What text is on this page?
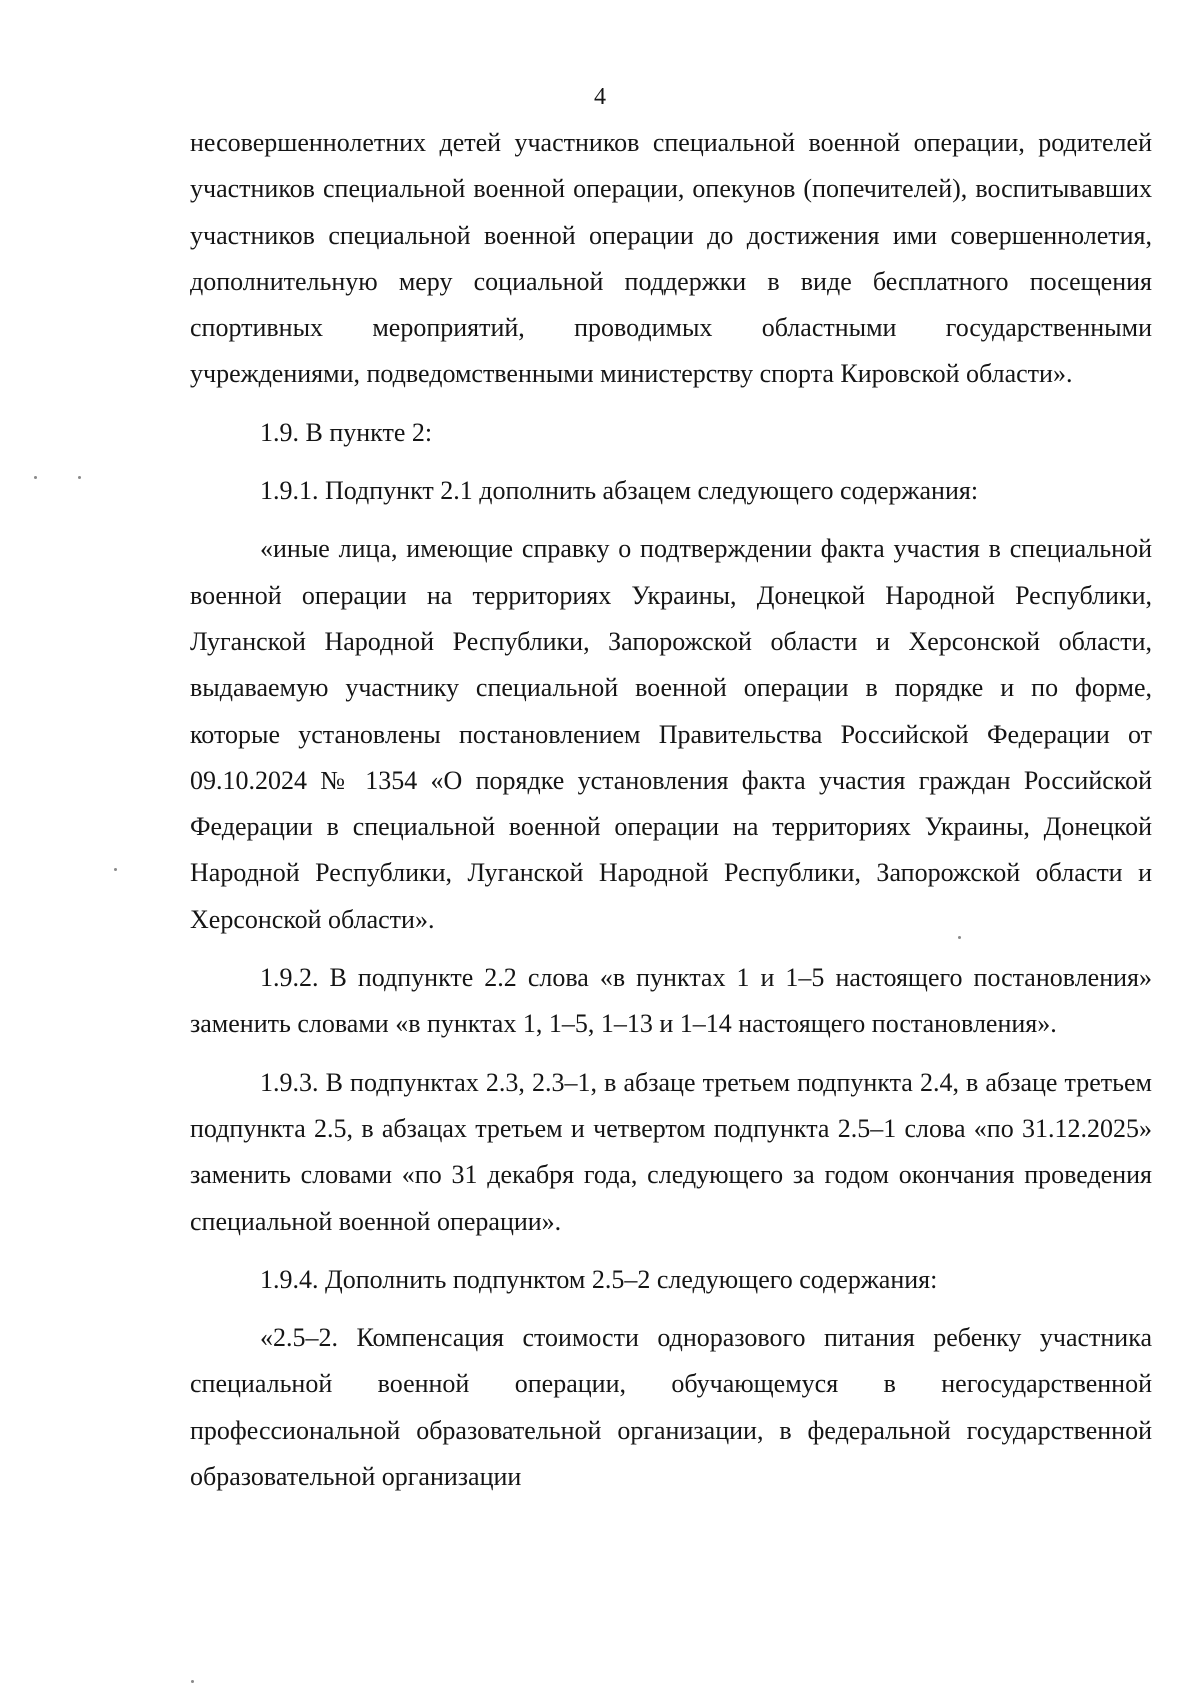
4

несовершеннолетних детей участников специальной военной операции, родителей участников специальной военной операции, опекунов (попечителей), воспитывавших участников специальной военной операции до достижения ими совершеннолетия, дополнительную меру социальной поддержки в виде бесплатного посещения спортивных мероприятий, проводимых областными государственными учреждениями, подведомственными министерству спорта Кировской области».

1.9. В пункте 2:

1.9.1. Подпункт 2.1 дополнить абзацем следующего содержания:

«иные лица, имеющие справку о подтверждении факта участия в специальной военной операции на территориях Украины, Донецкой Народной Республики, Луганской Народной Республики, Запорожской области и Херсонской области, выдаваемую участнику специальной военной операции в порядке и по форме, которые установлены постановлением Правительства Российской Федерации от 09.10.2024 № 1354 «О порядке установления факта участия граждан Российской Федерации в специальной военной операции на территориях Украины, Донецкой Народной Республики, Луганской Народной Республики, Запорожской области и Херсонской области».

1.9.2. В подпункте 2.2 слова «в пунктах 1 и 1–5 настоящего постановления» заменить словами «в пунктах 1, 1–5, 1–13 и 1–14 настоящего постановления».

1.9.3. В подпунктах 2.3, 2.3–1, в абзаце третьем подпункта 2.4, в абзаце третьем подпункта 2.5, в абзацах третьем и четвертом подпункта 2.5–1 слова «по 31.12.2025» заменить словами «по 31 декабря года, следующего за годом окончания проведения специальной военной операции».

1.9.4. Дополнить подпунктом 2.5–2 следующего содержания:

«2.5–2. Компенсация стоимости одноразового питания ребенку участника специальной военной операции, обучающемуся в негосударственной профессиональной образовательной организации, в федеральной государственной образовательной организации
